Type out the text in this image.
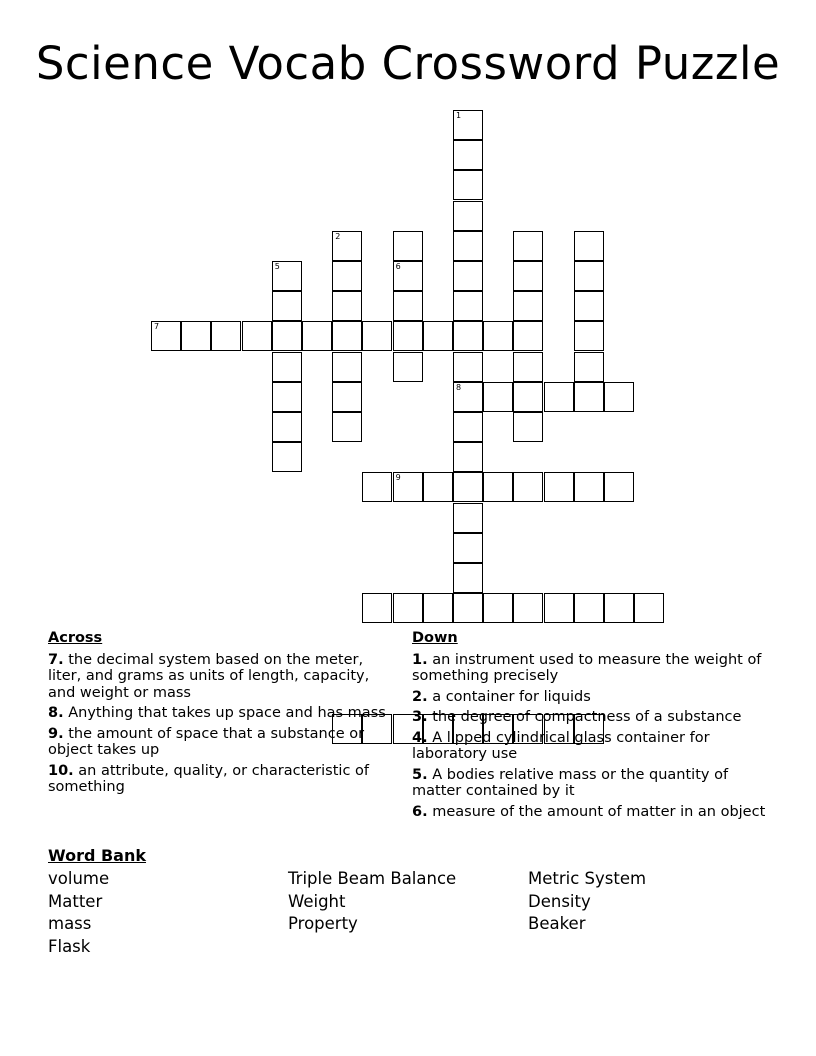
Science Vocab Crossword Puzzle
1
8
2
6
5
7
9
Across
7. the decimal system based on the meter, liter, and grams as units of length, capacity, and weight or mass
8. Anything that takes up space and has mass
9. the amount of space that a substance or object takes up
10. an attribute, quality, or characteristic of something
Down
1. an instrument used to measure the weight of something precisely
2. a container for liquids
3. the degree of compactness of a substance
4. A lipped cylindrical glass container for laboratory use
5. A bodies relative mass or the quantity of matter contained by it
6. measure of the amount of matter in an object
Word Bank
volume
Matter
mass
Flask
Triple Beam Balance
Weight
Property
Metric System
Density
Beaker
